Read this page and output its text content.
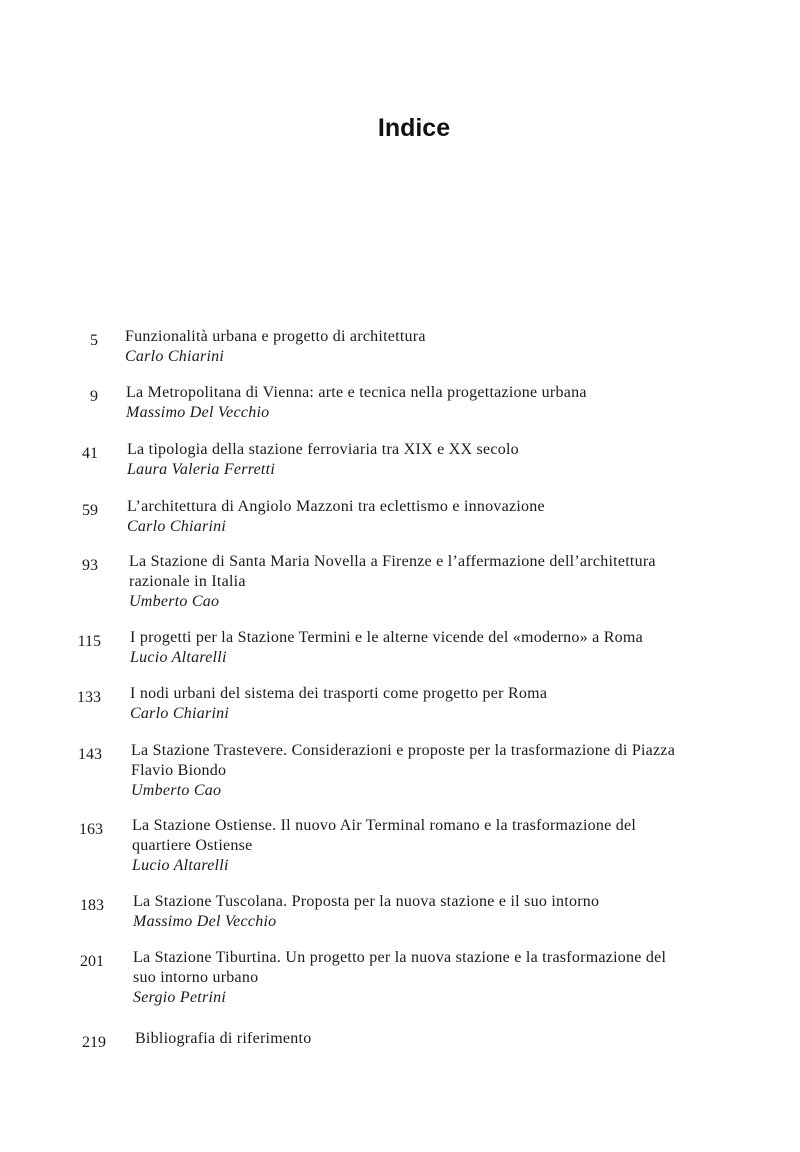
Indice
5 Funzionalità urbana e progetto di architettura
Carlo Chiarini
9 La Metropolitana di Vienna: arte e tecnica nella progettazione urbana
Massimo Del Vecchio
41 La tipologia della stazione ferroviaria tra XIX e XX secolo
Laura Valeria Ferretti
59 L’architettura di Angiolo Mazzoni tra eclettismo e innovazione
Carlo Chiarini
93 La Stazione di Santa Maria Novella a Firenze e l’affermazione dell’architettura
razionale in Italia
Umberto Cao
115 I progetti per la Stazione Termini e le alterne vicende del «moderno» a Roma
Lucio Altarelli
133 I nodi urbani del sistema dei trasporti come progetto per Roma
Carlo Chiarini
143 La Stazione Trastevere. Considerazioni e proposte per la trasformazione di Piazza
Flavio Biondo
Umberto Cao
163 La Stazione Ostiense. Il nuovo Air Terminal romano e la trasformazione del
quartiere Ostiense
Lucio Altarelli
183 La Stazione Tuscolana. Proposta per la nuova stazione e il suo intorno
Massimo Del Vecchio
201 La Stazione Tiburtina. Un progetto per la nuova stazione e la trasformazione del
suo intorno urbano
Sergio Petrini
219 Bibliografia di riferimento
